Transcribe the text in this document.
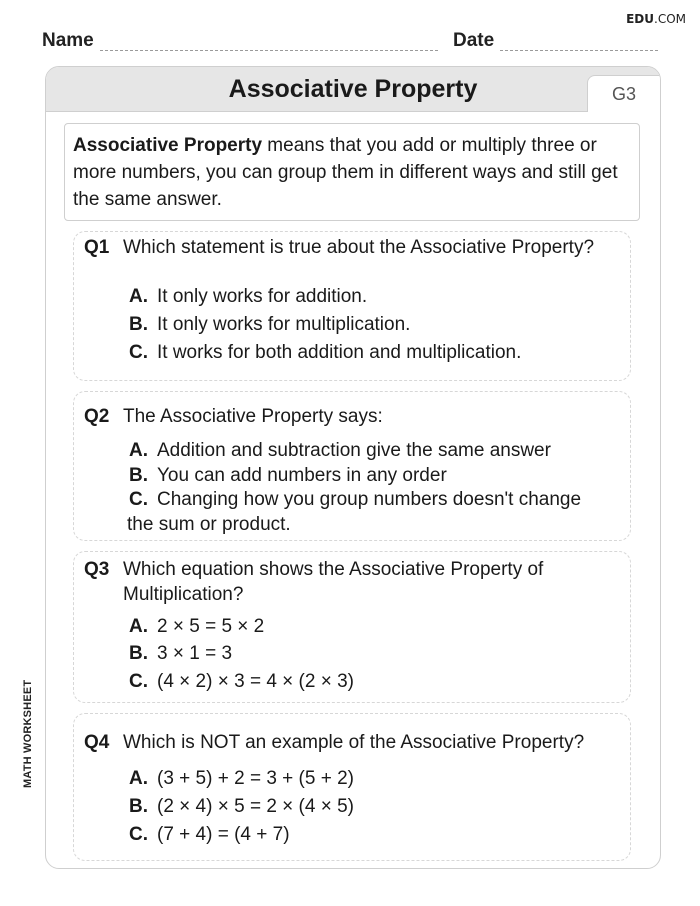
EDU.COM
Name	Date
Associative Property	G3
Associative Property means that you add or multiply three or more numbers, you can group them in different ways and still get the same answer.
Q1 Which statement is true about the Associative Property?
A. It only works for addition.
B. It only works for multiplication.
C. It works for both addition and multiplication.
Q2 The Associative Property says:
A. Addition and subtraction give the same answer
B. You can add numbers in any order
C. Changing how you group numbers doesn't change
the sum or product.
Q3 Which equation shows the Associative Property of Multiplication?
A. 2 × 5 = 5 × 2
B. 3 × 1 = 3
C. (4 × 2) × 3 = 4 × (2 × 3)
Q4 Which is NOT an example of the Associative Property?
A. (3 + 5) + 2 = 3 + (5 + 2)
B. (2 × 4) × 5 = 2 × (4 × 5)
C. (7 + 4) = (4 + 7)
MATH WORKSHEET
